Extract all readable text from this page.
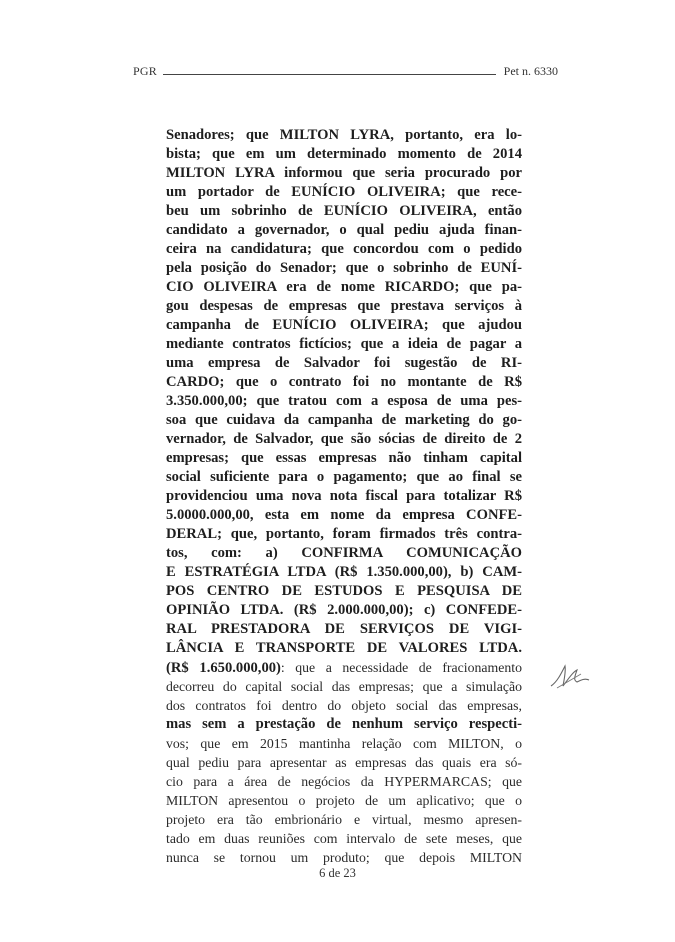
PGR	Pet n. 6330
Senadores; que MILTON LYRA, portanto, era lo-
bista; que em um determinado momento de 2014
MILTON LYRA informou que seria procurado por
um portador de EUNÍCIO OLIVEIRA; que rece-
beu um sobrinho de EUNÍCIO OLIVEIRA, então
candidato a governador, o qual pediu ajuda finan-
ceira na candidatura; que concordou com o pedido
pela posição do Senador; que o sobrinho de EUNÍ-
CIO OLIVEIRA era de nome RICARDO; que pa-
gou despesas de empresas que prestava serviços à
campanha de EUNÍCIO OLIVEIRA; que ajudou
mediante contratos fictícios; que a ideia de pagar a
uma empresa de Salvador foi sugestão de RI-
CARDO; que o contrato foi no montante de R$
3.350.000,00; que tratou com a esposa de uma pes-
soa que cuidava da campanha de marketing do go-
vernador, de Salvador, que são sócias de direito de 2
empresas; que essas empresas não tinham capital
social suficiente para o pagamento; que ao final se
providenciou uma nova nota fiscal para totalizar R$
5.0000.000,00, esta em nome da empresa CONFE-
DERAL; que, portanto, foram firmados três contra-
tos, com: a) CONFIRMA COMUNICAÇÃO
E ESTRATÉGIA LTDA (R$ 1.350.000,00), b) CAM-
POS CENTRO DE ESTUDOS E PESQUISA DE
OPINIÃO LTDA. (R$ 2.000.000,00); c) CONFEDE-
RAL PRESTADORA DE SERVIÇOS DE VIGI-
LÂNCIA E TRANSPORTE DE VALORES LTDA.
(R$ 1.650.000,00): que a necessidade de fracionamento
decorreu do capital social das empresas; que a simulação
dos contratos foi dentro do objeto social das empresas,
mas sem a prestação de nenhum serviço respecti-
vos; que em 2015 mantinha relação com MILTON, o
qual pediu para apresentar as empresas das quais era só-
cio para a área de negócios da HYPERMARCAS; que
MILTON apresentou o projeto de um aplicativo; que o
projeto era tão embrionário e virtual, mesmo apresen-
tado em duas reuniões com intervalo de sete meses, que
nunca se tornou um produto; que depois MILTON
6 de 23
